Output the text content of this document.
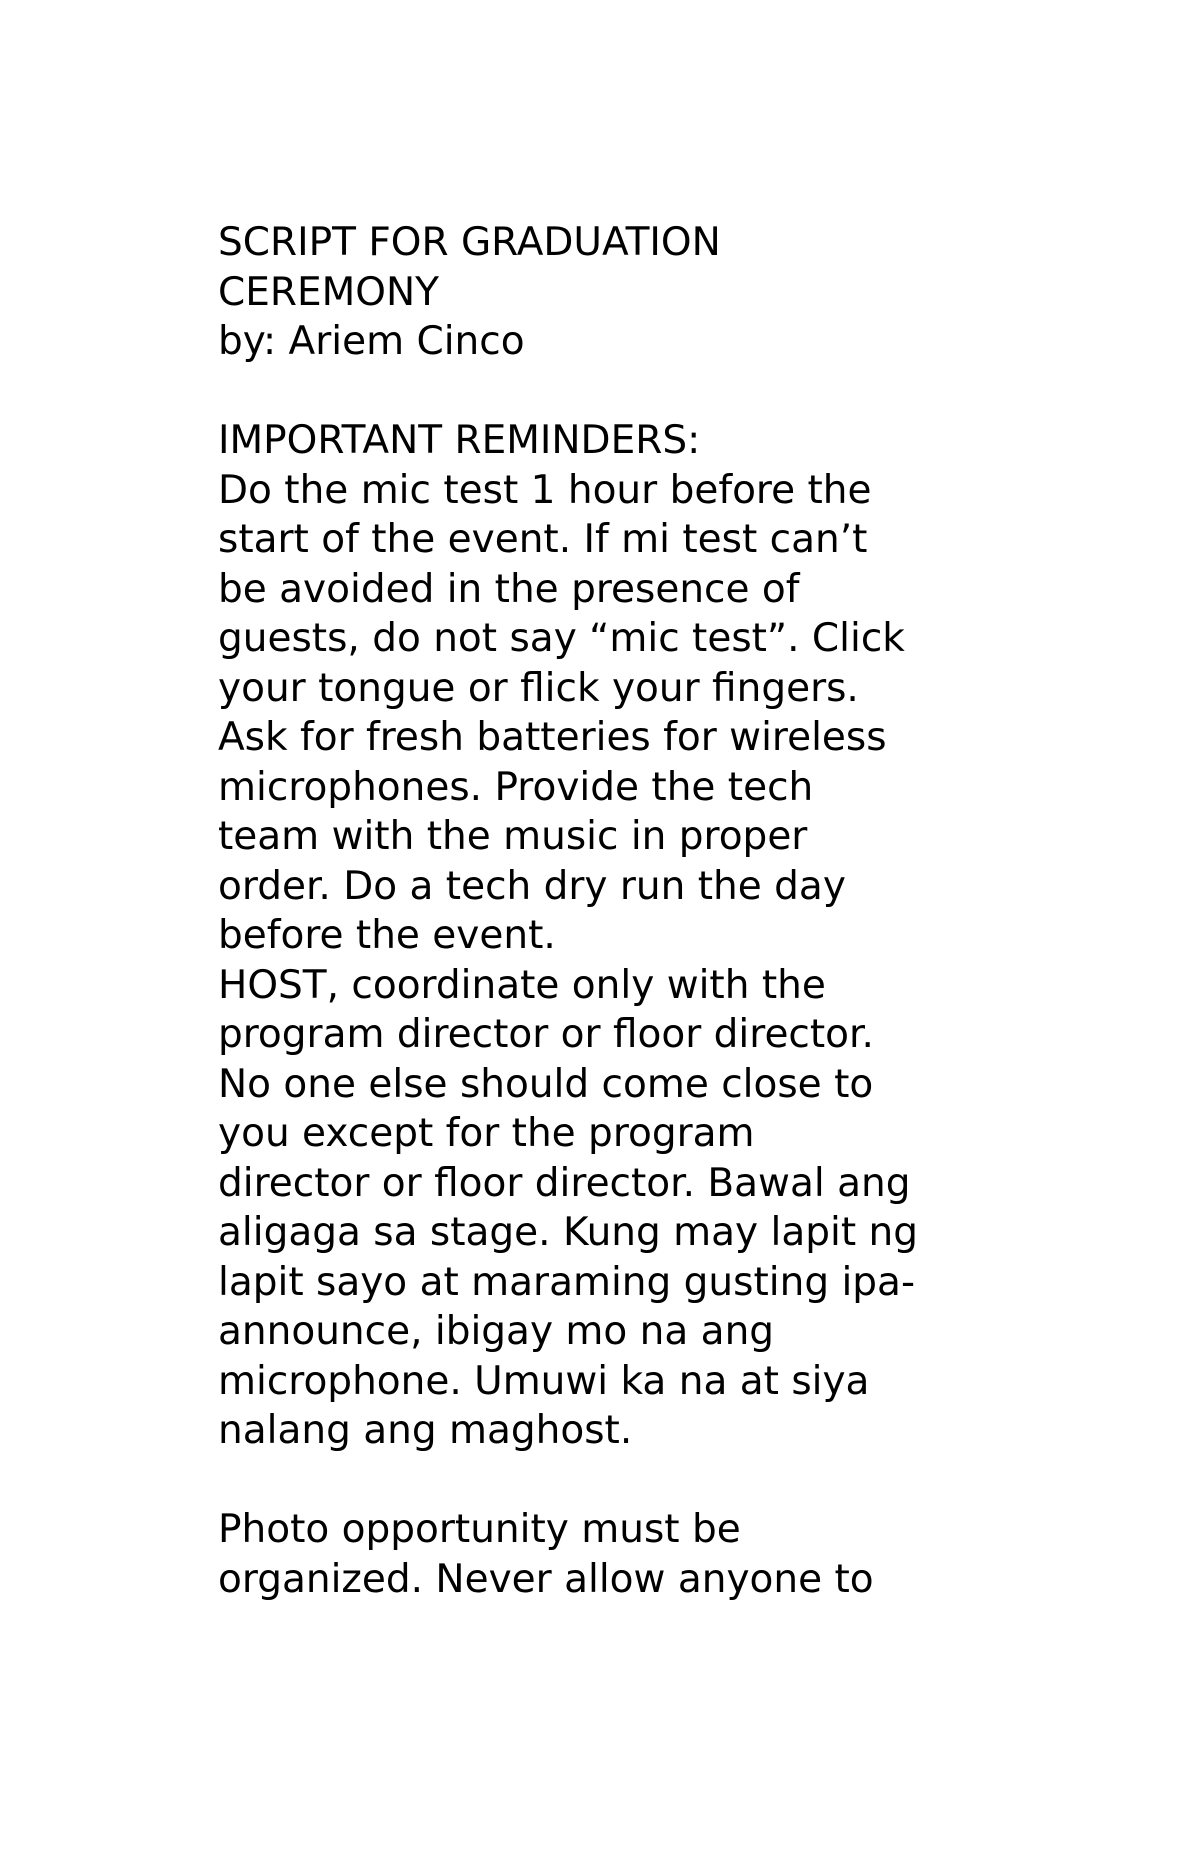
SCRIPT FOR GRADUATION
CEREMONY
by: Ariem Cinco
IMPORTANT REMINDERS:
Do the mic test 1 hour before the
start of the event. If mi test can’t
be avoided in the presence of
guests, do not say “mic test”. Click
your tongue or flick your fingers.
Ask for fresh batteries for wireless
microphones. Provide the tech
team with the music in proper
order. Do a tech dry run the day
before the event.
HOST, coordinate only with the
program director or floor director.
No one else should come close to
you except for the program
director or floor director. Bawal ang
aligaga sa stage. Kung may lapit ng
lapit sayo at maraming gusting ipa-
announce, ibigay mo na ang
microphone. Umuwi ka na at siya
nalang ang maghost.
Photo opportunity must be
organized. Never allow anyone to
